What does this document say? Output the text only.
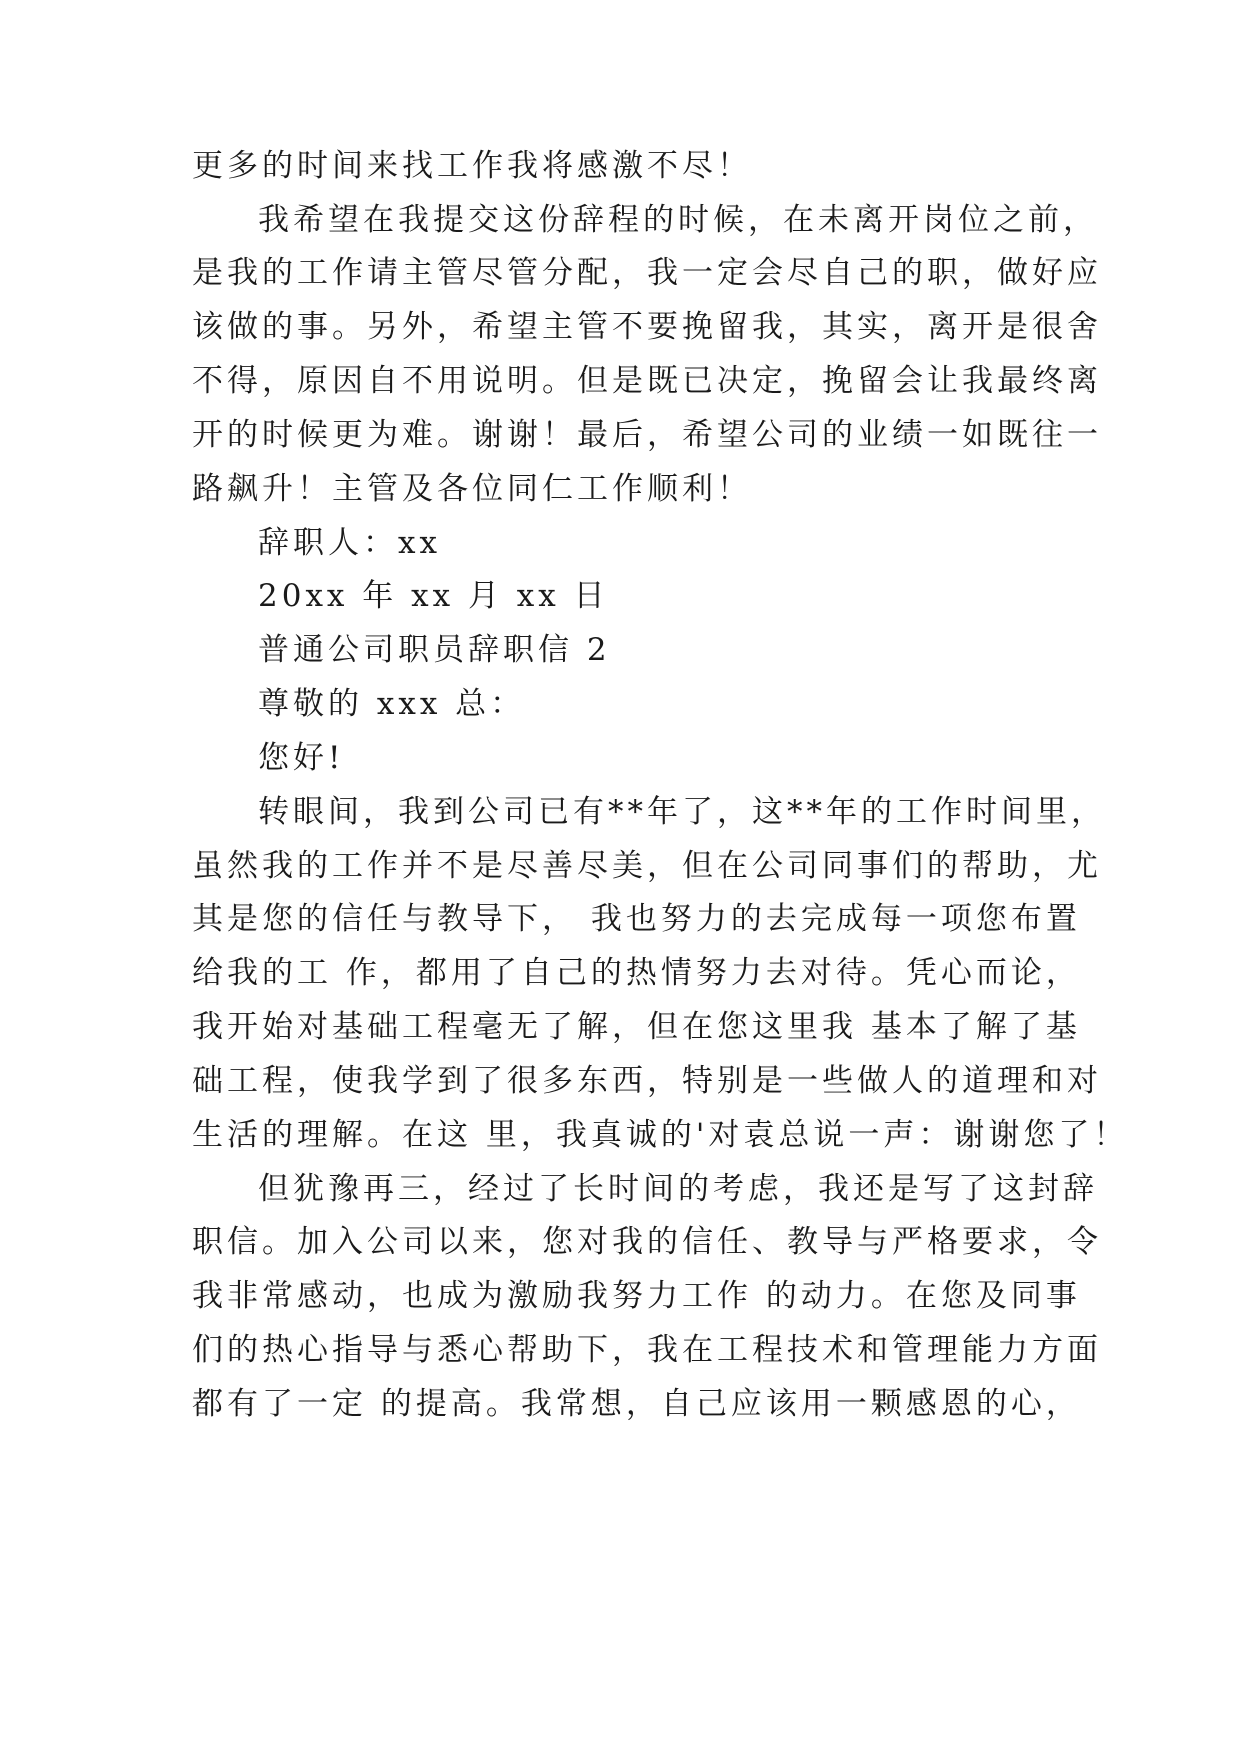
更多的时间来找工作我将感激不尽！
我希望在我提交这份辞程的时候，在未离开岗位之前，
是我的工作请主管尽管分配，我一定会尽自己的职，做好应
该做的事。另外，希望主管不要挽留我，其实，离开是很舍
不得，原因自不用说明。但是既已决定，挽留会让我最终离
开的时候更为难。谢谢！最后，希望公司的业绩一如既往一
路飙升！主管及各位同仁工作顺利！
辞职人：xx
20xx 年 xx 月 xx 日
普通公司职员辞职信 2
尊敬的 xxx 总：
您好!
转眼间，我到公司已有**年了，这**年的工作时间里，
虽然我的工作并不是尽善尽美，但在公司同事们的帮助，尤
其是您的信任与教导下， 我也努力的去完成每一项您布置
给我的工 作，都用了自己的热情努力去对待。凭心而论，
我开始对基础工程毫无了解，但在您这里我 基本了解了基
础工程，使我学到了很多东西，特别是一些做人的道理和对
生活的理解。在这 里，我真诚的'对袁总说一声：谢谢您了！
但犹豫再三，经过了长时间的考虑，我还是写了这封辞
职信。加入公司以来，您对我的信任、教导与严格要求，令
我非常感动，也成为激励我努力工作 的动力。在您及同事
们的热心指导与悉心帮助下，我在工程技术和管理能力方面
都有了一定 的提高。我常想，自己应该用一颗感恩的心，
